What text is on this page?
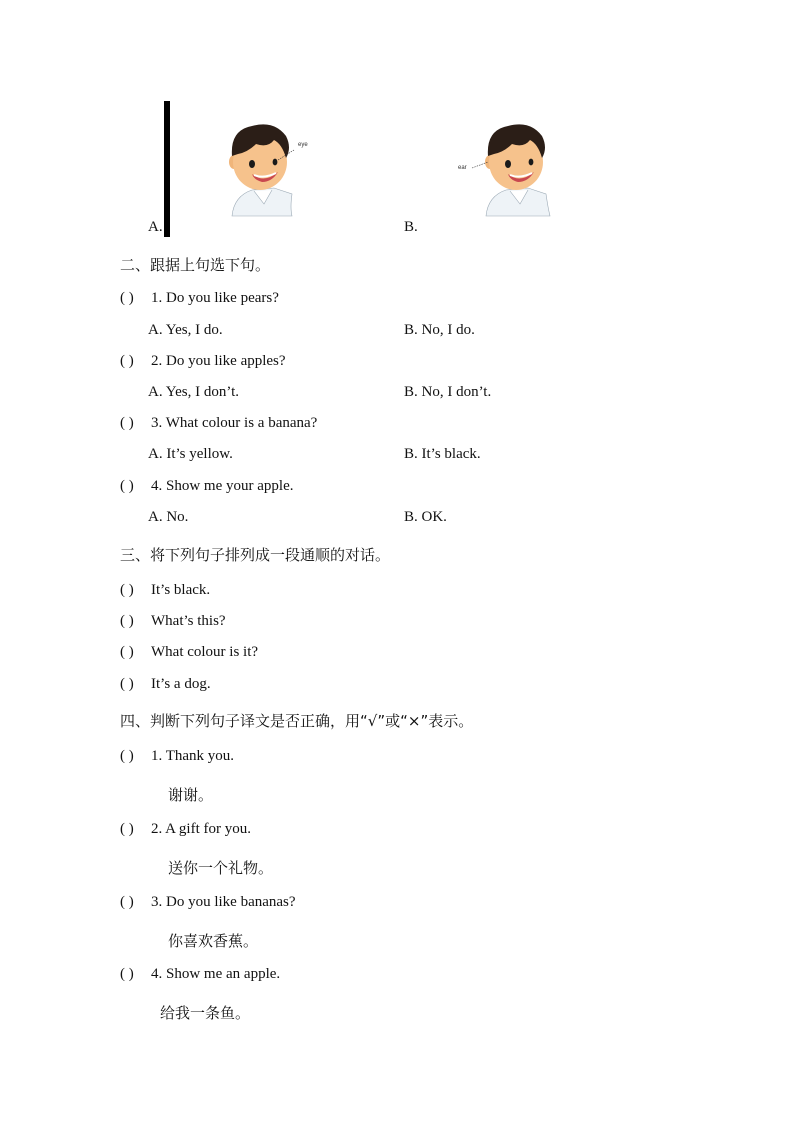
eye
ear
A.	B.
二、跟据上句选下句。
( ) 1. Do you like pears?
A. Yes, I do.	B. No, I do.
( ) 2. Do you like apples?
A. Yes, I don’t.	B. No, I don’t.
( ) 3. What colour is a banana?
A. It’s yellow.	B. It’s black.
( ) 4. Show me your apple.
A. No.	B. OK.
三、将下列句子排列成一段通顺的对话。
( ) It’s black.
( ) What’s this?
( ) What colour is it?
( ) It’s a dog.
四、判断下列句子译文是否正确，用“√”或“×”表示。
( ) 1. Thank you.
谢谢。
( ) 2. A gift for you.
送你一个礼物。
( ) 3. Do you like bananas?
你喜欢香蕉。
( ) 4. Show me an apple.
给我一条鱼。
